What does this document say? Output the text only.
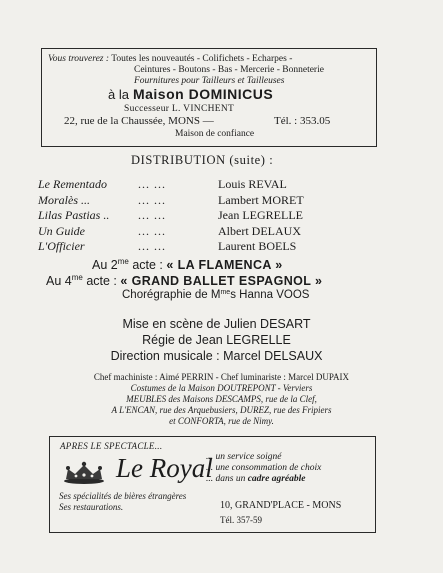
Vous trouverez : Toutes les nouveautés - Colifichets - Echarpes -
Ceintures - Boutons - Bas - Mercerie - Bonneterie
Fournitures pour Tailleurs et Tailleuses
à la Maison DOMINICUS
Successeur L. VINCHENT
22, rue de la Chaussée, MONS —	Tél. : 353.05
Maison de confiance
DISTRIBUTION (suite) :
Le Rementado	... ...	Louis REVAL
Moralès ...	... ...	Lambert MORET
Lilas Pastias .. ... ...	Jean LEGRELLE
Un Guide	... ...	Albert DELAUX
L'Officier	... ...	Laurent BOELS
Au $2^{me}$ acte : « LA FLAMENCA »
Au $4^{me}$ acte : « GRAND BALLET ESPAGNOL »
Chorégraphie de $M^{me}s$ Hanna VOOS
Mise en scène de Julien DESART
Régie de Jean LEGRELLE
Direction musicale : Marcel DELSAUX
Chef machiniste : Aimé PERRIN - Chef luminariste : Marcel DUPAIX
Costumes de la Maison DOUTREPONT - Verviers
MEUBLES des Maisons DESCAMPS, rue de la Clef,
A L'ENCAN, rue des Arquebusiers, DUREZ, rue des Fripiers
et CONFORTA, rue de Nimy.
APRES LE SPECTACLE...
Le Royal
... un service soigné
... une consommation de choix
... dans un cadre agréable
Ses spécialités de bières étrangères
Ses restaurations.	10, GRAND'PLACE - MONS
Tél. 357-59
